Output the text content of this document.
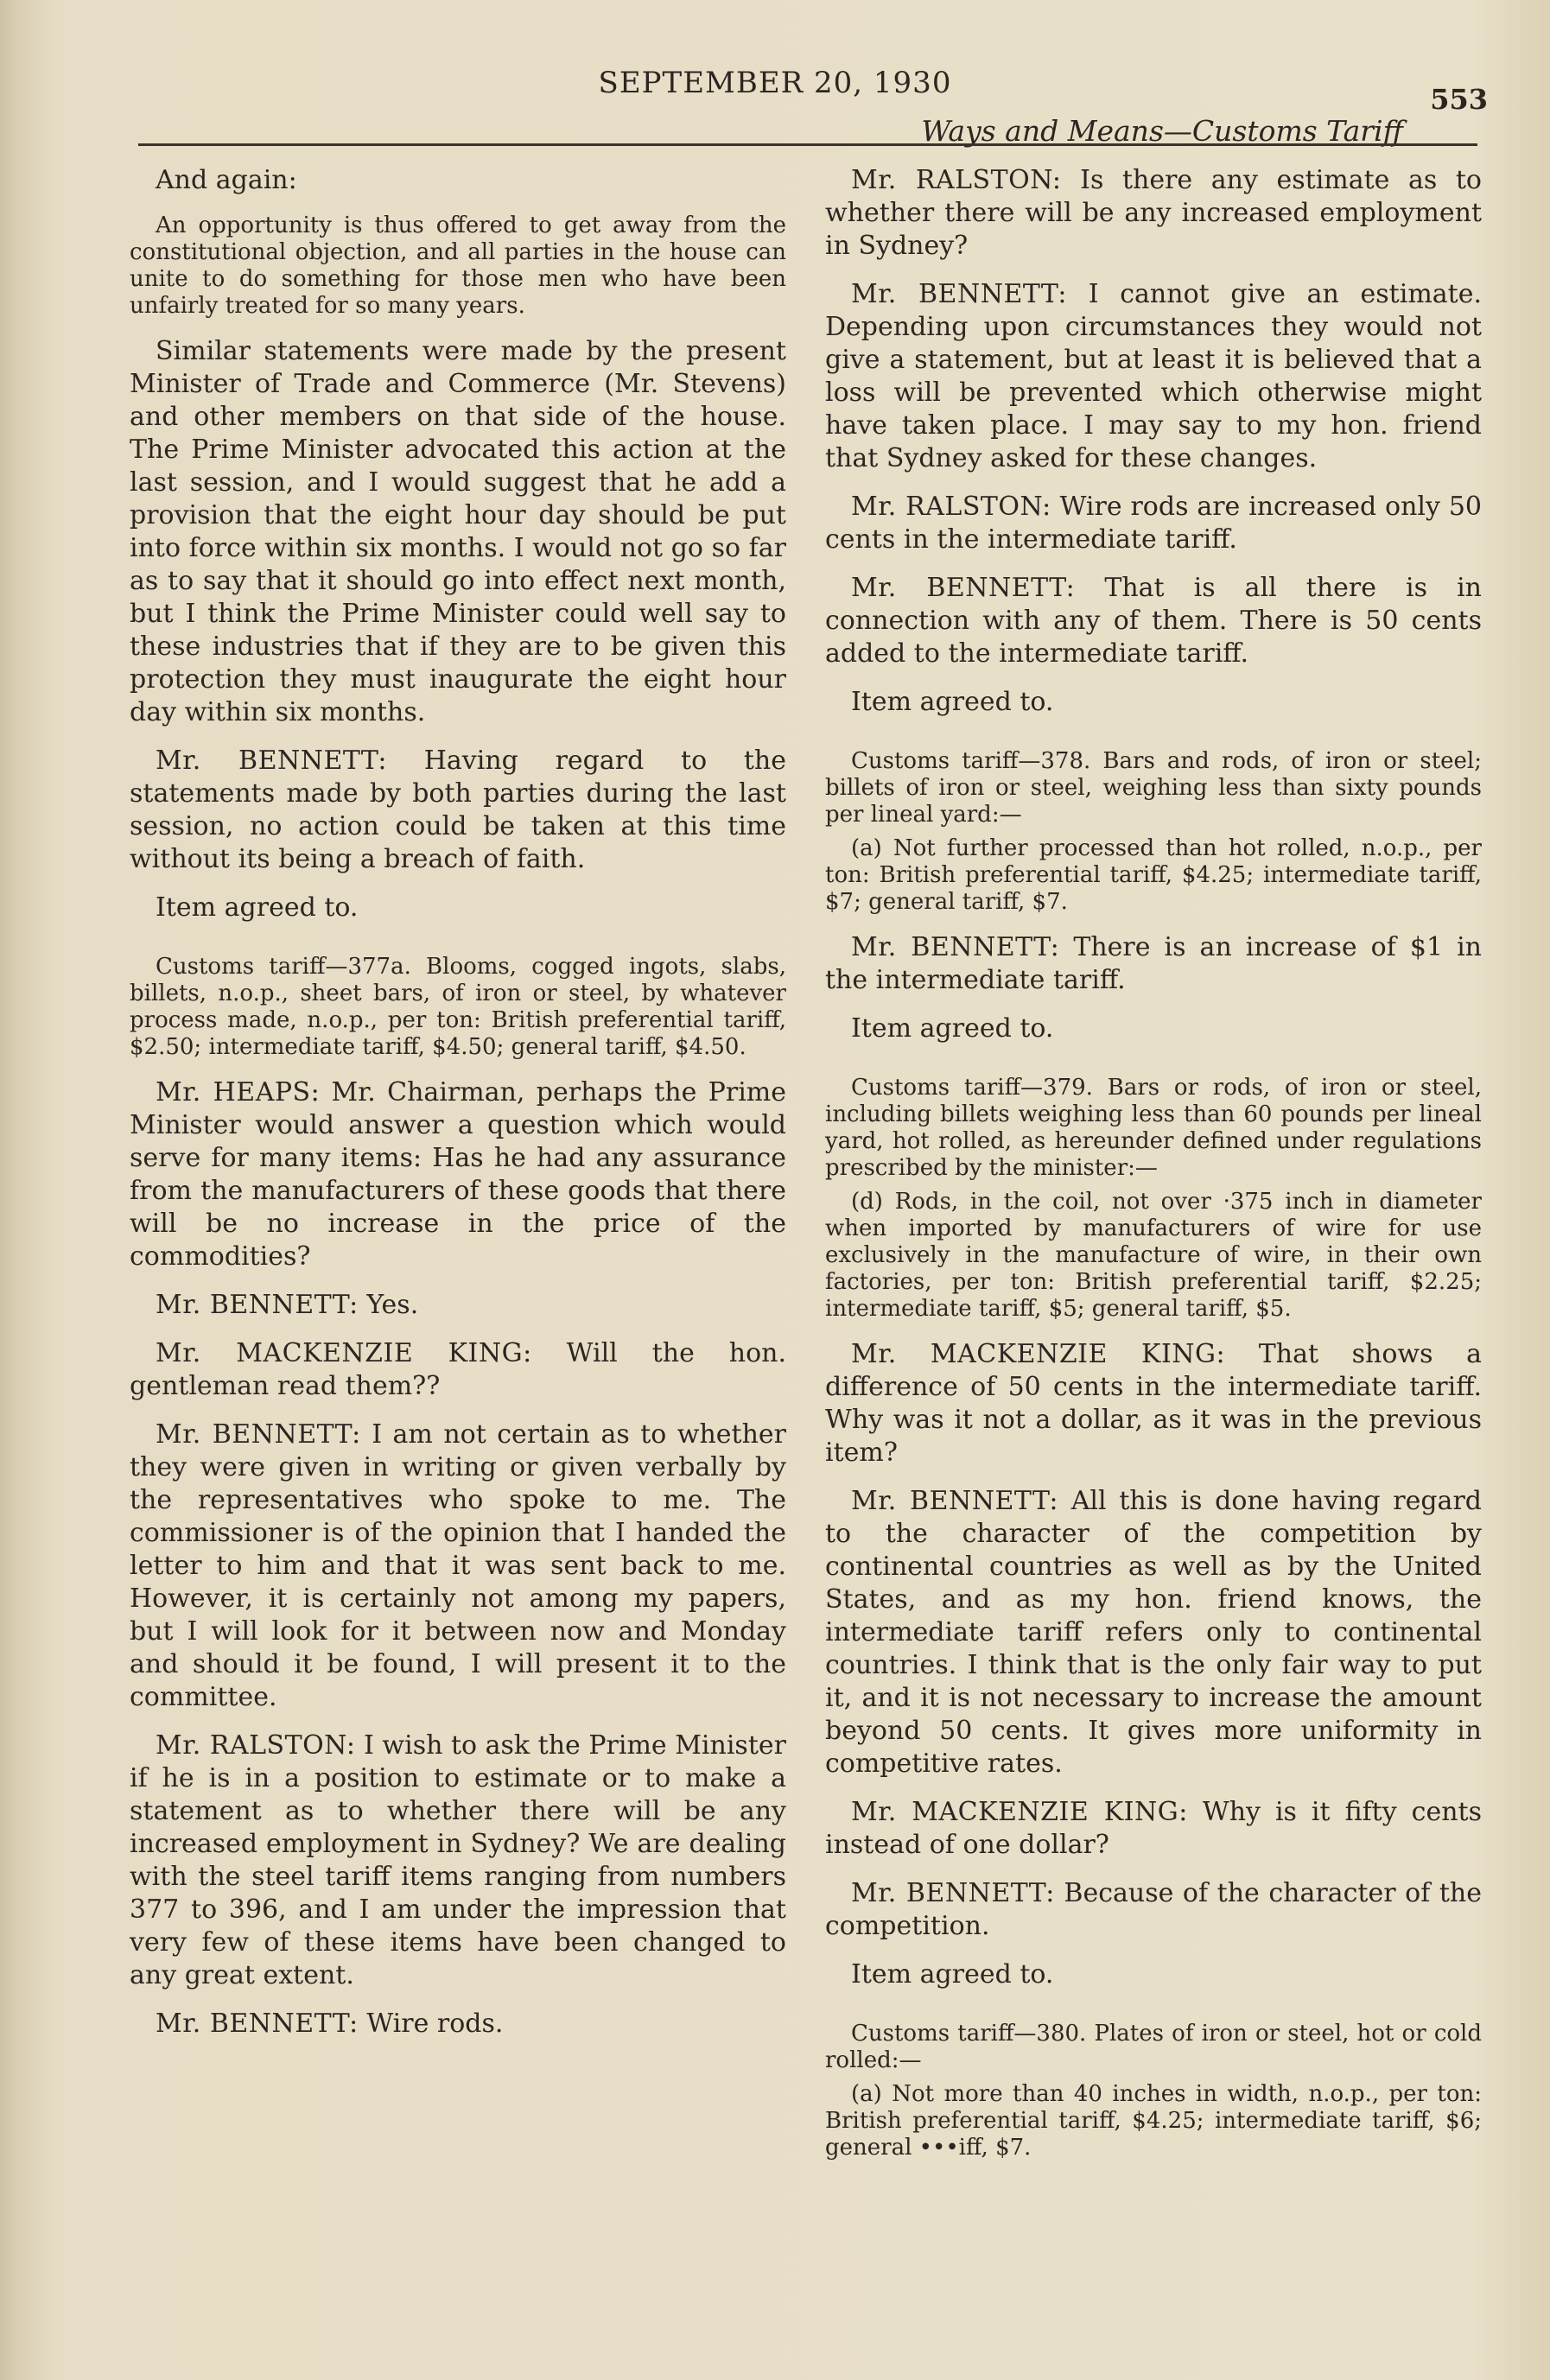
SEPTEMBER 20, 1930	553
Ways and Means—Customs Tariff

And again:

An opportunity is thus offered to get away from the constitutional objection, and all parties in the house can unite to do something for those men who have been unfairly treated for so many years.

Similar statements were made by the present Minister of Trade and Commerce (Mr. Stevens) and other members on that side of the house. The Prime Minister advocated this action at the last session, and I would suggest that he add a provision that the eight hour day should be put into force within six months. I would not go so far as to say that it should go into effect next month, but I think the Prime Minister could well say to these industries that if they are to be given this protection they must inaugurate the eight hour day within six months.

Mr. BENNETT: Having regard to the statements made by both parties during the last session, no action could be taken at this time without its being a breach of faith.

Item agreed to.

Customs tariff—377a. Blooms, cogged ingots, slabs, billets, n.o.p., sheet bars, of iron or steel, by whatever process made, n.o.p., per ton: British preferential tariff, $2.50; intermediate tariff, $4.50; general tariff, $4.50.

Mr. HEAPS: Mr. Chairman, perhaps the Prime Minister would answer a question which would serve for many items: Has he had any assurance from the manufacturers of these goods that there will be no increase in the price of the commodities?

Mr. BENNETT: Yes.

Mr. MACKENZIE KING: Will the hon. gentleman read them??

Mr. BENNETT: I am not certain as to whether they were given in writing or given verbally by the representatives who spoke to me. The commissioner is of the opinion that I handed the letter to him and that it was sent back to me. However, it is certainly not among my papers, but I will look for it between now and Monday and should it be found, I will present it to the committee.

Mr. RALSTON: I wish to ask the Prime Minister if he is in a position to estimate or to make a statement as to whether there will be any increased employment in Sydney? We are dealing with the steel tariff items ranging from numbers 377 to 396, and I am under the impression that very few of these items have been changed to any great extent.

Mr. BENNETT: Wire rods.

Mr. RALSTON: Is there any estimate as to whether there will be any increased employment in Sydney?

Mr. BENNETT: I cannot give an estimate. Depending upon circumstances they would not give a statement, but at least it is believed that a loss will be prevented which otherwise might have taken place. I may say to my hon. friend that Sydney asked for these changes.

Mr. RALSTON: Wire rods are increased only 50 cents in the intermediate tariff.

Mr. BENNETT: That is all there is in connection with any of them. There is 50 cents added to the intermediate tariff.

Item agreed to.

Customs tariff—378. Bars and rods, of iron or steel; billets of iron or steel, weighing less than sixty pounds per lineal yard:—

(a) Not further processed than hot rolled, n.o.p., per ton: British preferential tariff, $4.25; intermediate tariff, $7; general tariff, $7.

Mr. BENNETT: There is an increase of $1 in the intermediate tariff.

Item agreed to.

Customs tariff—379. Bars or rods, of iron or steel, including billets weighing less than 60 pounds per lineal yard, hot rolled, as hereunder defined under regulations prescribed by the minister:—

(d) Rods, in the coil, not over ·375 inch in diameter when imported by manufacturers of wire for use exclusively in the manufacture of wire, in their own factories, per ton: British preferential tariff, $2.25; intermediate tariff, $5; general tariff, $5.

Mr. MACKENZIE KING: That shows a difference of 50 cents in the intermediate tariff. Why was it not a dollar, as it was in the previous item?

Mr. BENNETT: All this is done having regard to the character of the competition by continental countries as well as by the United States, and as my hon. friend knows, the intermediate tariff refers only to continental countries. I think that is the only fair way to put it, and it is not necessary to increase the amount beyond 50 cents. It gives more uniformity in competitive rates.

Mr. MACKENZIE KING: Why is it fifty cents instead of one dollar?

Mr. BENNETT: Because of the character of the competition.

Item agreed to.

Customs tariff—380. Plates of iron or steel, hot or cold rolled:—

(a) Not more than 40 inches in width, n.o.p., per ton: British preferential tariff, $4.25; intermediate tariff, $6; general •••iff, $7.
